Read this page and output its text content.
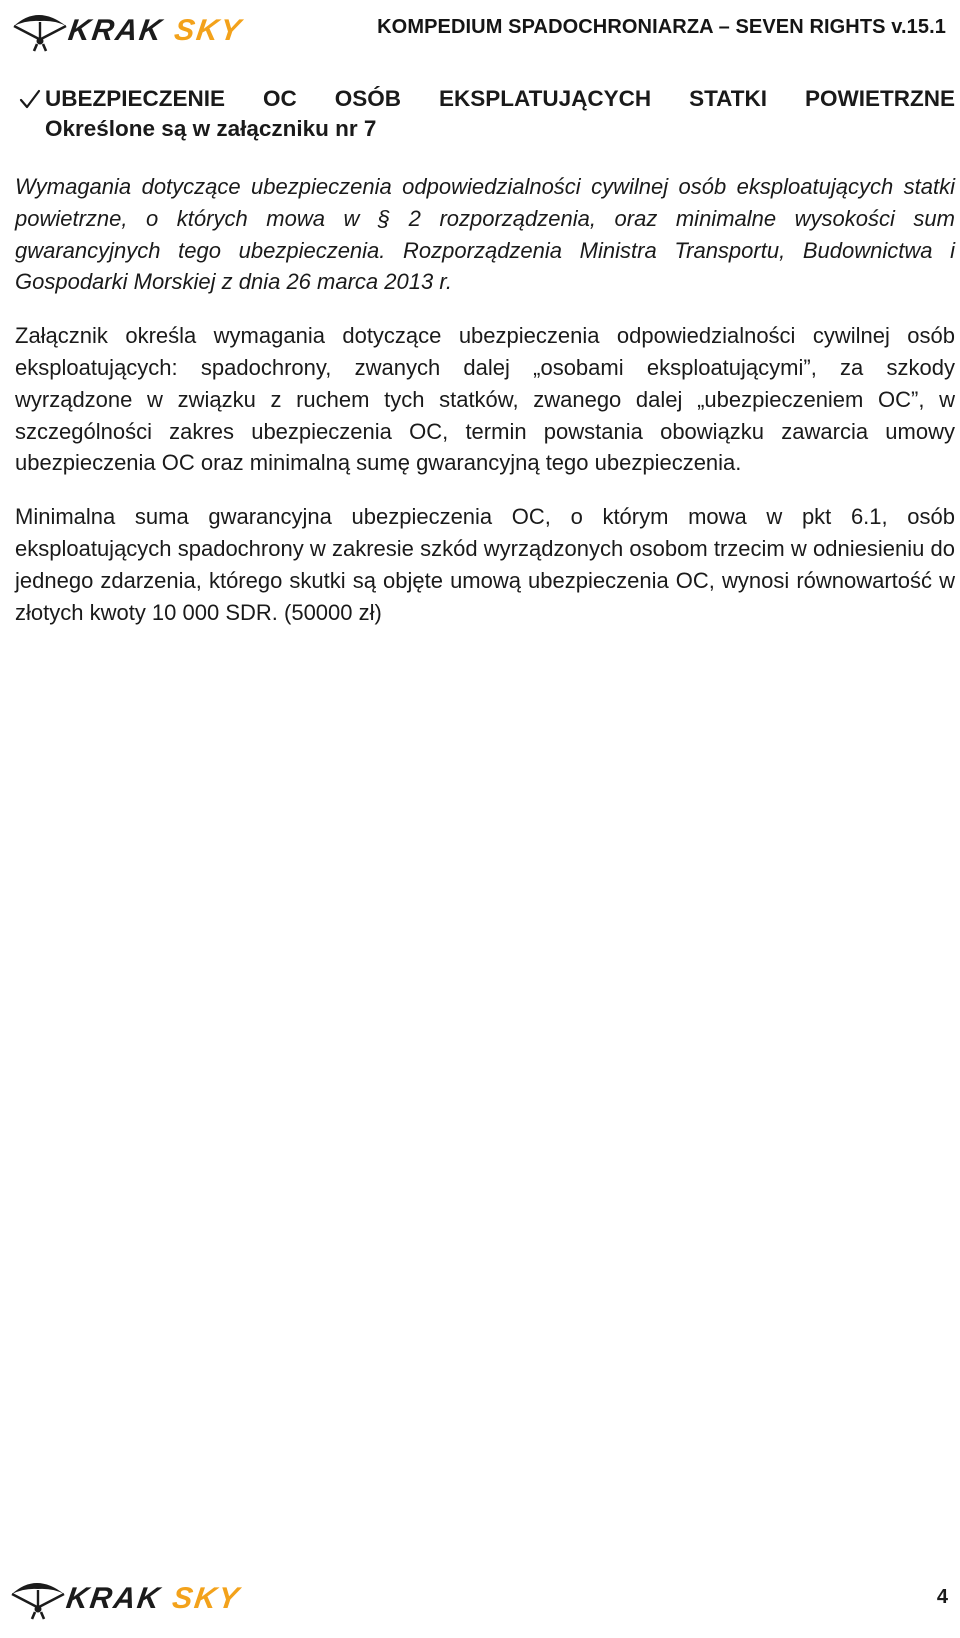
KRAK SKY
KRAKSKY
KOMPEDIUM SPADOCHRONIARZA – SEVEN RIGHTS v.15.1
UBEZPIECZENIE OC OSÓB EKSPLATUJĄCYCH STATKI POWIETRZNE
Określone są w załączniku nr 7

Wymagania dotyczące ubezpieczenia odpowiedzialności cywilnej osób eksploatujących statki powietrzne, o których mowa w § 2 rozporządzenia, oraz minimalne wysokości sum gwarancyjnych tego ubezpieczenia. Rozporządzenia Ministra Transportu, Budownictwa i Gospodarki Morskiej z dnia 26 marca 2013 r.

Załącznik określa wymagania dotyczące ubezpieczenia odpowiedzialności cywilnej osób eksploatujących: spadochrony, zwanych dalej „osobami eksploatującymi”, za szkody wyrządzone w związku z ruchem tych statków, zwanego dalej „ubezpieczeniem OC”, w szczególności zakres ubezpieczenia OC, termin powstania obowiązku zawarcia umowy ubezpieczenia OC oraz minimalną sumę gwarancyjną tego ubezpieczenia.

Minimalna suma gwarancyjna ubezpieczenia OC, o którym mowa w pkt 6.1, osób eksploatujących spadochrony w zakresie szkód wyrządzonych osobom trzecim w odniesieniu do jednego zdarzenia, którego skutki są objęte umową ubezpieczenia OC, wynosi równowartość w złotych kwoty 10 000 SDR. (50000 zł)

KRAK SKY
KRAKSKY
4
